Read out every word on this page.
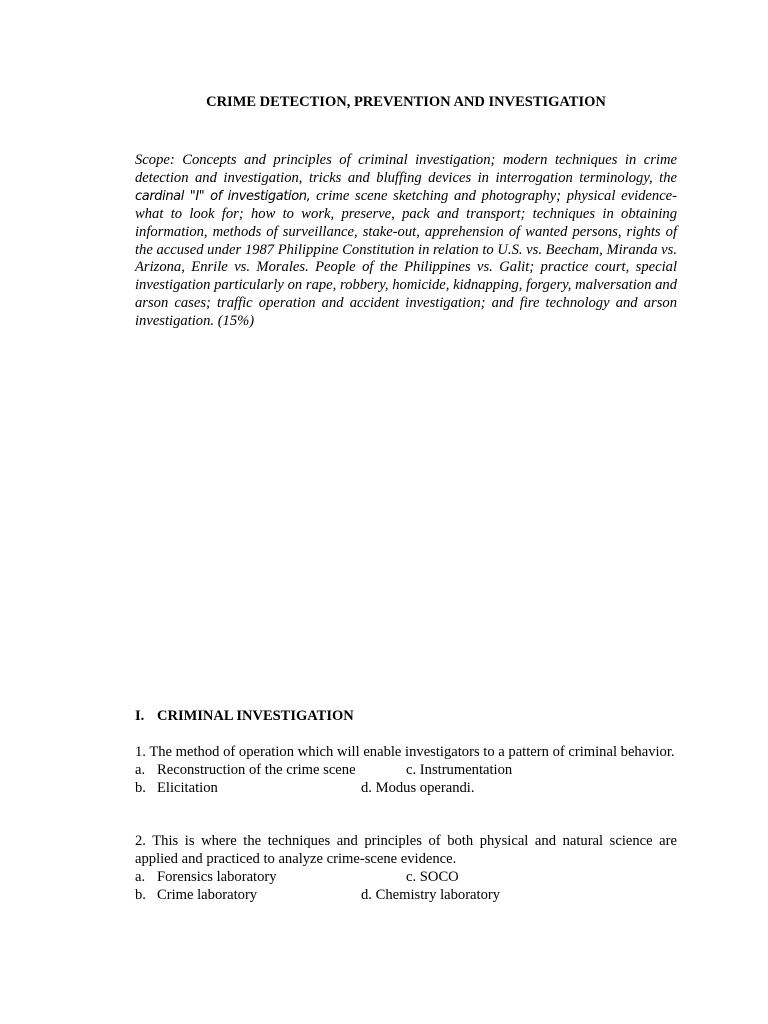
CRIME DETECTION, PREVENTION AND INVESTIGATION

Scope: Concepts and principles of criminal investigation; modern techniques in crime detection and investigation, tricks and bluffing devices in interrogation terminology, the cardinal "I" of investigation, crime scene sketching and photography; physical evidence- what to look for; how to work, preserve, pack and transport; techniques in obtaining information, methods of surveillance, stake-out, apprehension of wanted persons, rights of the accused under 1987 Philippine Constitution in relation to U.S. vs. Beecham, Miranda vs. Arizona, Enrile vs. Morales. People of the Philippines vs. Galit; practice court, special investigation particularly on rape, robbery, homicide, kidnapping, forgery, malversation and arson cases; traffic operation and accident investigation; and fire technology and arson investigation. (15%)

I. CRIMINAL INVESTIGATION

1. The method of operation which will enable investigators to a pattern of criminal behavior.

a. Reconstruction of the crime scene	c. Instrumentation
b. Elicitation	d. Modus operandi.

2. This is where the techniques and principles of both physical and natural science are applied and practiced to analyze crime-scene evidence.

a. Forensics laboratory	c. SOCO
b. Crime laboratory	d. Chemistry laboratory
